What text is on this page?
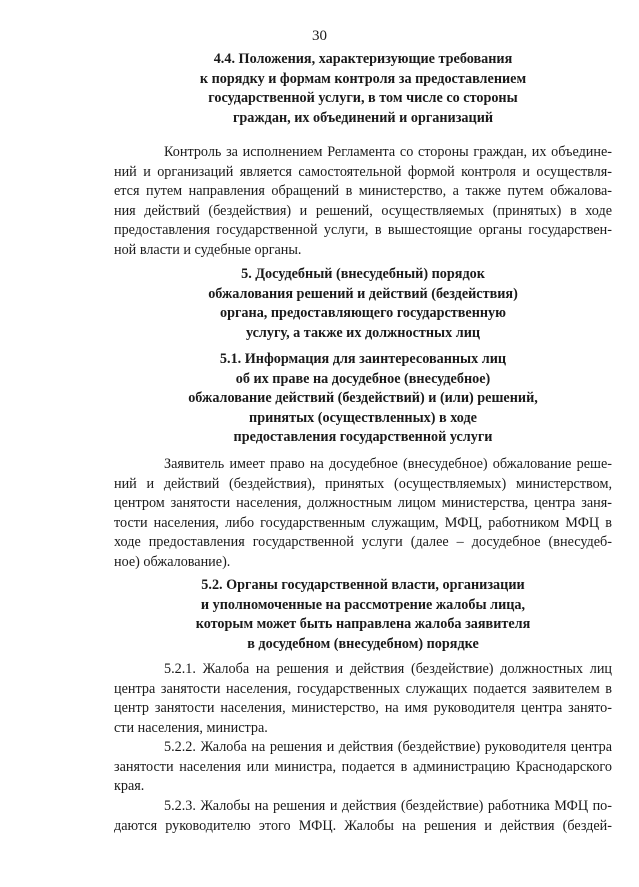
30
4.4. Положения, характеризующие требования
к порядку и формам контроля за предоставлением
государственной услуги, в том числе со стороны
граждан, их объединений и организаций
Контроль за исполнением Регламента со стороны граждан, их объедине-
ний и организаций является самостоятельной формой контроля и осуществля-
ется путем направления обращений в министерство, а также путем обжалова-
ния действий (бездействия) и решений, осуществляемых (принятых) в ходе
предоставления государственной услуги, в вышестоящие органы государствен-
ной власти и судебные органы.
5. Досудебный (внесудебный) порядок
обжалования решений и действий (бездействия)
органа, предоставляющего государственную
услугу, а также их должностных лиц
5.1. Информация для заинтересованных лиц
об их праве на досудебное (внесудебное)
обжалование действий (бездействий) и (или) решений,
принятых (осуществленных) в ходе
предоставления государственной услуги
Заявитель имеет право на досудебное (внесудебное) обжалование реше-
ний и действий (бездействия), принятых (осуществляемых) министерством,
центром занятости населения, должностным лицом министерства, центра заня-
тости населения, либо государственным служащим, МФЦ, работником МФЦ в
ходе предоставления государственной услуги (далее – досудебное (внесудеб-
ное) обжалование).
5.2. Органы государственной власти, организации
и уполномоченные на рассмотрение жалобы лица,
которым может быть направлена жалоба заявителя
в досудебном (внесудебном) порядке
5.2.1. Жалоба на решения и действия (бездействие) должностных лиц
центра занятости населения, государственных служащих подается заявителем в
центр занятости населения, министерство, на имя руководителя центра занято-
сти населения, министра.
5.2.2. Жалоба на решения и действия (бездействие) руководителя центра
занятости населения или министра, подается в администрацию Краснодарского
края.
5.2.3. Жалобы на решения и действия (бездействие) работника МФЦ по-
даются руководителю этого МФЦ. Жалобы на решения и действия (бездей-
